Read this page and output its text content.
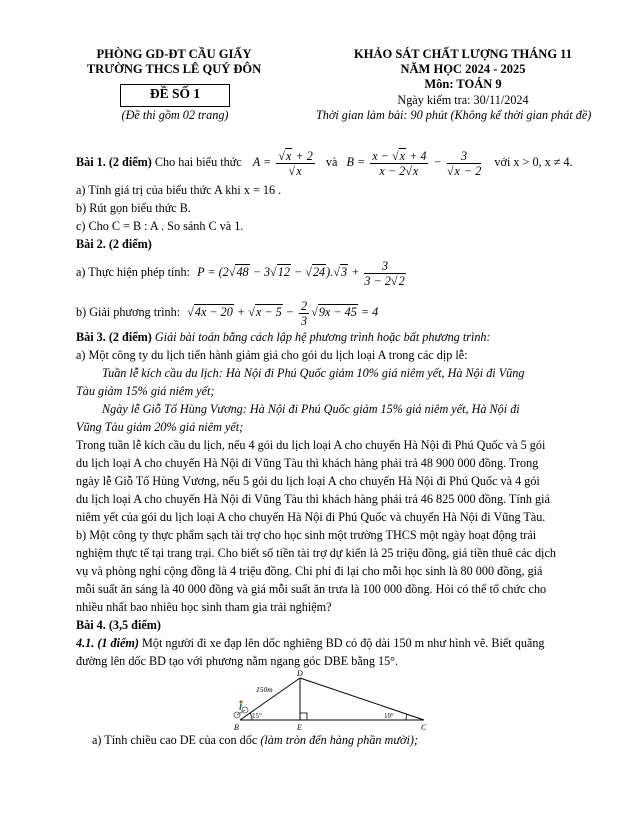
PHÒNG GD-ĐT CẦU GIẤY
TRƯỜNG THCS LÊ QUÝ ĐÔN
ĐỀ SỐ 1
(Đề thi gồm 02 trang)
KHẢO SÁT CHẤT LƯỢNG THÁNG 11
NĂM HỌC 2024 - 2025
Môn: TOÁN 9
Ngày kiểm tra: 30/11/2024
Thời gian làm bài: 90 phút (Không kể thời gian phát đề)
Bài 1. (2 điểm) Cho hai biểu thức $A = \frac{√x + 2}{√x}$ và $B = \frac{x - √x + 4}{x - 2√x} - \frac{3}{√x - 2}$ với x > 0, x ≠ 4.
a) Tính giá trị của biểu thức A khi x = 16 .
b) Rút gọn biểu thức B.
c) Cho C = B : A . So sánh C và 1.
Bài 2. (2 điểm)
a) Thực hiện phép tính: $P = (2√48 - 3√12 - √24).√3 + \frac{3}{3 - 2√2}$
b) Giải phương trình: $√4x - 20 + √x - 5 - \frac{2}{3} √9x - 45 = 4$
Bài 3. (2 điểm) Giải bài toán bằng cách lập hệ phương trình hoặc bất phương trình:
a) Một công ty du lịch tiến hành giảm giá cho gói du lịch loại A trong các dịp lễ:
Tuần lễ kích cầu du lịch: Hà Nội đi Phú Quốc giảm 10% giá niêm yết, Hà Nội đi Vũng
Tàu giảm 15% giá niêm yết;
Ngày lễ Giỗ Tổ Hùng Vương: Hà Nội đi Phú Quốc giảm 15% giá niêm yết, Hà Nội đi
Vũng Tàu giảm 20% giá niêm yết;
Trong tuần lễ kích cầu du lịch, nếu 4 gói du lịch loại A cho chuyến Hà Nội đi Phú Quốc và 5 gói
du lịch loại A cho chuyến Hà Nội đi Vũng Tàu thì khách hàng phải trả 48 900 000 đồng. Trong
ngày lễ Giỗ Tổ Hùng Vương, nếu 5 gói du lịch loại A cho chuyến Hà Nội đi Phú Quốc và 4 gói
du lịch loại A cho chuyến Hà Nội đi Vũng Tàu thì khách hàng phải trả 46 825 000 đồng. Tính giá
niêm yết của gói du lịch loại A cho chuyến Hà Nội đi Phú Quốc và chuyến Hà Nội đi Vũng Tàu.
b) Một công ty thực phẩm sạch tài trợ cho học sinh một trường THCS một ngày hoạt động trải
nghiệm thực tế tại trang trại. Cho biết số tiền tài trợ dự kiến là 25 triệu đồng, giá tiền thuê các dịch
vụ và phòng nghỉ cộng đồng là 4 triệu đồng. Chi phí đi lại cho mỗi học sinh là 80 000 đồng, giá
mỗi suất ăn sáng là 40 000 đồng và giá mỗi suất ăn trưa là 100 000 đồng. Hỏi có thể tổ chức cho
nhiều nhất bao nhiêu học sinh tham gia trải nghiệm?
Bài 4. (3,5 điểm)
4.1. (1 điểm) Một người đi xe đạp lên dốc nghiêng BD có độ dài 150 m như hình vẽ. Biết quãng
đường lên dốc BD tạo với phương nằm ngang góc DBE bằng 15°.
D
B	E	C
150m
15°	10°
a) Tính chiều cao DE của con dốc (làm tròn đến hàng phần mười);
